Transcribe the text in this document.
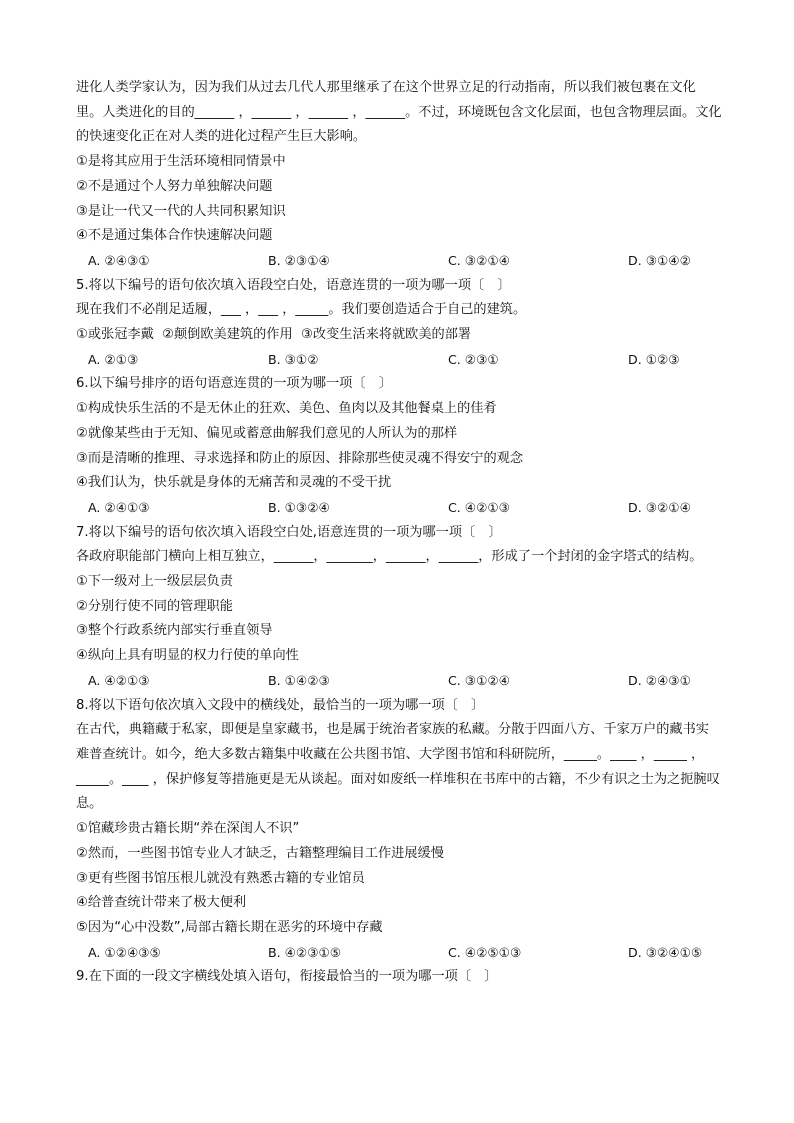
进化人类学家认为，因为我们从过去几代人那里继承了在这个世界立足的行动指南，所以我们被包裹在文化里。人类进化的目的______ ，______ ，______ ，______。不过，环境既包含文化层面，也包含物理层面。文化的快速变化正在对人类的进化过程产生巨大影响。
①是将其应用于生活环境相同情景中
②不是通过个人努力单独解决问题
③是让一代又一代的人共同积累知识
④不是通过集体合作快速解决问题
A. ②④③①	B. ②③①④	C. ③②①④	D. ③①④②
5.将以下编号的语句依次填入语段空白处，语意连贯的一项为哪一项〔　〕
现在我们不必削足适履，___ ，___ ，_____。我们要创造适合于自己的建筑。
①或张冠李戴  ②颠倒欧美建筑的作用  ③改变生活来将就欧美的部署
A. ②①③	B. ③①②	C. ②③①	D. ①②③
6.以下编号排序的语句语意连贯的一项为哪一项〔　〕
①构成快乐生活的不是无休止的狂欢、美色、鱼肉以及其他餐桌上的佳肴
②就像某些由于无知、偏见或蓄意曲解我们意见的人所认为的那样
③而是清晰的推理、寻求选择和防止的原因、排除那些使灵魂不得安宁的观念
④我们认为，快乐就是身体的无痛苦和灵魂的不受干扰
A. ②④①③	B. ①③②④	C. ④②①③	D. ③②①④
7.将以下编号的语句依次填入语段空白处,语意连贯的一项为哪一项〔　〕
各政府职能部门横向上相互独立，______，_______，______，______，形成了一个封闭的金字塔式的结构。
①下一级对上一级层层负责
②分别行使不同的管理职能
③整个行政系统内部实行垂直领导
④纵向上具有明显的权力行使的单向性
A. ④②①③	B. ①④②③	C. ③①②④	D. ②④③①
8.将以下语句依次填入文段中的横线处，最恰当的一项为哪一项〔　〕
在古代，典籍藏于私家，即便是皇家藏书，也是属于统治者家族的私藏。分散于四面八方、千家万户的藏书实难普查统计。如今，绝大多数古籍集中收藏在公共图书馆、大学图书馆和科研院所，_____。____ ，_____ ，_____。____ ，保护修复等措施更是无从谈起。面对如废纸一样堆积在书库中的古籍，不少有识之士为之扼腕叹息。
①馆藏珍贵古籍长期“养在深闺人不识”
②然而，一些图书馆专业人才缺乏，古籍整理编目工作进展缓慢
③更有些图书馆压根儿就没有熟悉古籍的专业馆员
④给普查统计带来了极大便利
⑤因为“心中没数”,局部古籍长期在恶劣的环境中存藏
A. ①②④③⑤	B. ④②③①⑤	C. ④②⑤①③	D. ③②④①⑤
9.在下面的一段文字横线处填入语句，衔接最恰当的一项为哪一项〔　〕
